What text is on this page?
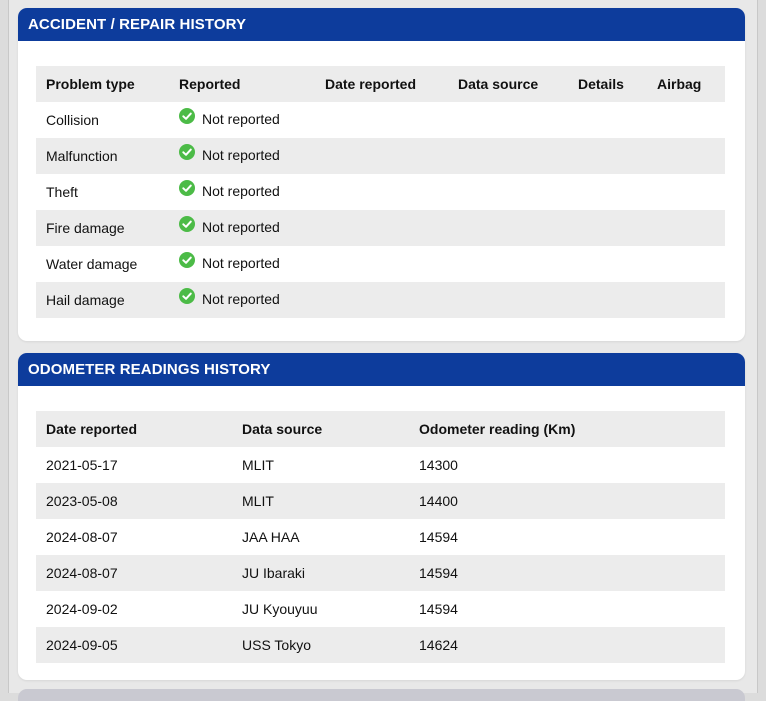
ACCIDENT / REPAIR HISTORY
Problem type	Reported	Date reported	Data source	Details	Airbag
Collision	Not reported				

Malfunction	Not reported				

Theft	Not reported				

Fire damage	Not reported				

Water damage	Not reported				

Hail damage	Not reported				

ODOMETER READINGS HISTORY
Date reported	Data source	Odometer reading (Km)
2021-05-17	MLIT	14300
2023-05-08	MLIT	14400
2024-08-07	JAA HAA	14594
2024-08-07	JU Ibaraki	14594
2024-09-02	JU Kyouyuu	14594
2024-09-05	USS Tokyo	14624
